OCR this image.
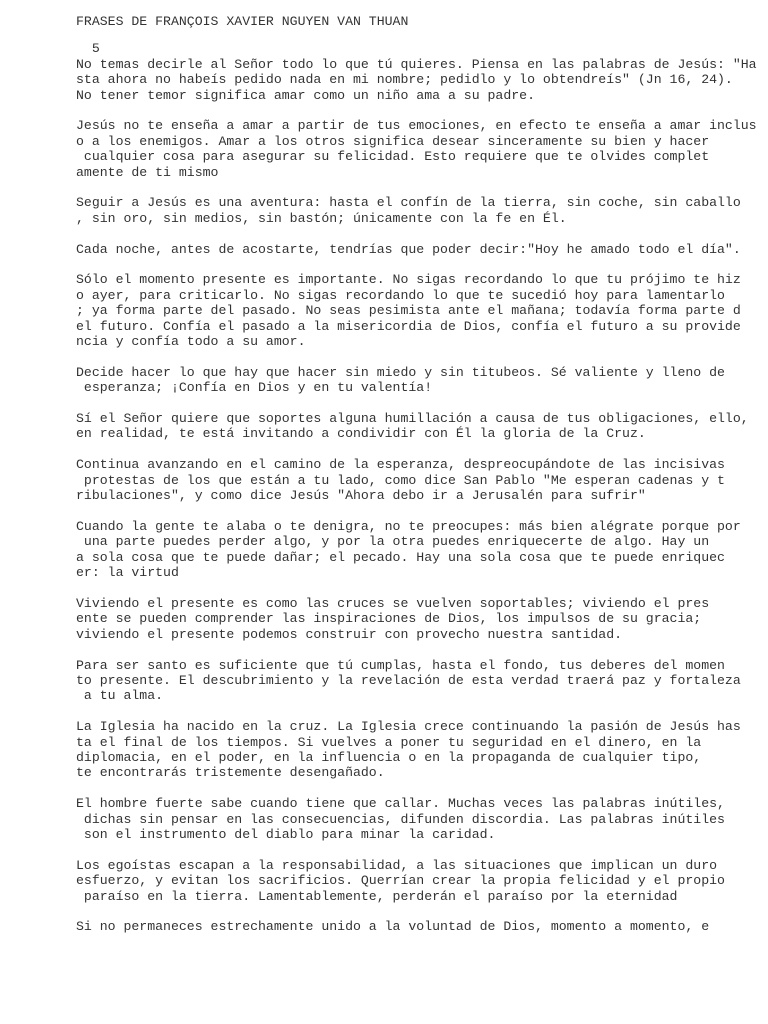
FRASES DE FRANÇOIS XAVIER NGUYEN VAN THUAN
5
No temas decirle al Señor todo lo que tú quieres. Piensa en las palabras de Jesús: "Ha
sta ahora no habeís pedido nada en mi nombre; pedidlo y lo obtendreís" (Jn 16, 24).
No tener temor significa amar como un niño ama a su padre.
Jesús no te enseña a amar a partir de tus emociones, en efecto te enseña a amar inclus
o a los enemigos. Amar a los otros significa desear sinceramente su bien y hacer
cualquier cosa para asegurar su felicidad. Esto requiere que te olvides complet
amente de ti mismo
Seguir a Jesús es una aventura: hasta el confín de la tierra, sin coche, sin caballo
, sin oro, sin medios, sin bastón; únicamente con la fe en Él.
Cada noche, antes de acostarte, tendrías que poder decir:"Hoy he amado todo el día".
Sólo el momento presente es importante. No sigas recordando lo que tu prójimo te hiz
o ayer, para criticarlo. No sigas recordando lo que te sucedió hoy para lamentarlo
; ya forma parte del pasado. No seas pesimista ante el mañana; todavía forma parte d
el futuro. Confía el pasado a la misericordia de Dios, confía el futuro a su provide
ncia y confía todo a su amor.
Decide hacer lo que hay que hacer sin miedo y sin titubeos. Sé valiente y lleno de
esperanza; ¡Confía en Dios y en tu valentía!
Sí el Señor quiere que soportes alguna humillación a causa de tus obligaciones, ello,
en realidad, te está invitando a condividir con Él la gloria de la Cruz.
Continua avanzando en el camino de la esperanza, despreocupándote de las incisivas
protestas de los que están a tu lado, como dice San Pablo "Me esperan cadenas y t
ribulaciones", y como dice Jesús "Ahora debo ir a Jerusalén para sufrir"
Cuando la gente te alaba o te denigra, no te preocupes: más bien alégrate porque por
una parte puedes perder algo, y por la otra puedes enriquecerte de algo. Hay un
a sola cosa que te puede dañar; el pecado. Hay una sola cosa que te puede enriquec
er: la virtud
Viviendo el presente es como las cruces se vuelven soportables; viviendo el pres
ente se pueden comprender las inspiraciones de Dios, los impulsos de su gracia;
viviendo el presente podemos construir con provecho nuestra santidad.
Para ser santo es suficiente que tú cumplas, hasta el fondo, tus deberes del momen
to presente. El descubrimiento y la revelación de esta verdad traerá paz y fortaleza
a tu alma.
La Iglesia ha nacido en la cruz. La Iglesia crece continuando la pasión de Jesús has
ta el final de los tiempos. Si vuelves a poner tu seguridad en el dinero, en la
diplomacia, en el poder, en la influencia o en la propaganda de cualquier tipo,
te encontrarás tristemente desengañado.
El hombre fuerte sabe cuando tiene que callar. Muchas veces las palabras inútiles,
dichas sin pensar en las consecuencias, difunden discordia. Las palabras inútiles
son el instrumento del diablo para minar la caridad.
Los egoístas escapan a la responsabilidad, a las situaciones que implican un duro
esfuerzo, y evitan los sacrificios. Querrían crear la propia felicidad y el propio
paraíso en la tierra. Lamentablemente, perderán el paraíso por la eternidad
Si no permaneces estrechamente unido a la voluntad de Dios, momento a momento, e
